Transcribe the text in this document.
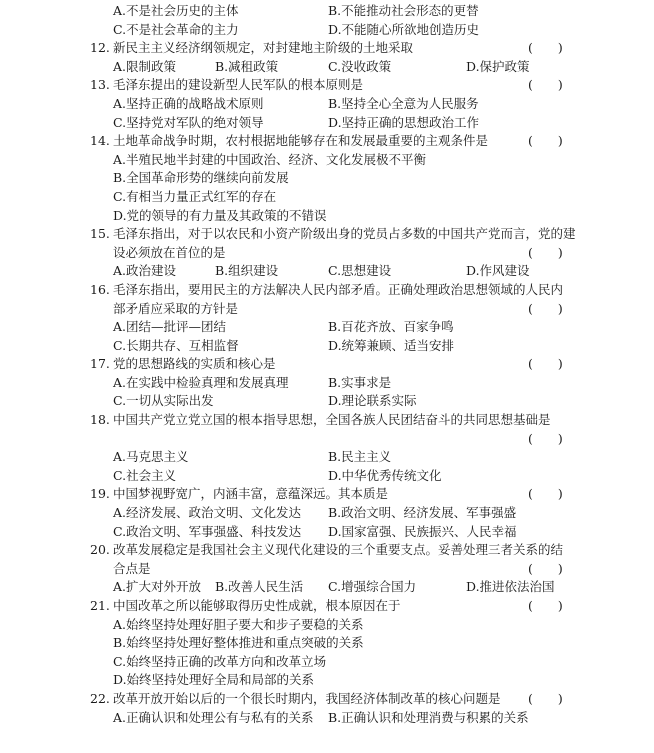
A.不是社会历史的主体	B.不能推动社会形态的更替
C.不是社会革命的主力	D.不能随心所欲地创造历史
12. 新民主主义经济纲领规定，对封建地主阶级的土地采取	(　　)
A.限制政策	B.减租政策	C.没收政策	D.保护政策
13. 毛泽东提出的建设新型人民军队的根本原则是	(　　)
A.坚持正确的战略战术原则	B.坚持全心全意为人民服务
C.坚持党对军队的绝对领导	D.坚持正确的思想政治工作
14. 土地革命战争时期，农村根据地能够存在和发展最重要的主观条件是	(　　)
A.半殖民地半封建的中国政治、经济、文化发展极不平衡
B.全国革命形势的继续向前发展
C.有相当力量正式红军的存在
D.党的领导的有力量及其政策的不错误
15. 毛泽东指出，对于以农民和小资产阶级出身的党员占多数的中国共产党而言，党的建
设必须放在首位的是	(　　)
A.政治建设	B.组织建设	C.思想建设	D.作风建设
16. 毛泽东指出，要用民主的方法解决人民内部矛盾。正确处理政治思想领域的人民内
部矛盾应采取的方针是	(　　)
A.团结—批评—团结	B.百花齐放、百家争鸣
C.长期共存、互相监督	D.统筹兼顾、适当安排
17. 党的思想路线的实质和核心是	(　　)
A.在实践中检验真理和发展真理	B.实事求是
C.一切从实际出发	D.理论联系实际
18. 中国共产党立党立国的根本指导思想，全国各族人民团结奋斗的共同思想基础是
(　　)
A.马克思主义	B.民主主义
C.社会主义	D.中华优秀传统文化
19. 中国梦视野宽广，内涵丰富，意蕴深远。其本质是	(　　)
A.经济发展、政治文明、文化发达 B.政治文明、经济发展、军事强盛
C.政治文明、军事强盛、科技发达 D.国家富强、民族振兴、人民幸福
20. 改革发展稳定是我国社会主义现代化建设的三个重要支点。妥善处理三者关系的结
合点是	(　　)
A.扩大对外开放 B.改善人民生活 C.增强综合国力	D.推进依法治国
21. 中国改革之所以能够取得历史性成就，根本原因在于	(　　)
A.始终坚持处理好胆子要大和步子要稳的关系
B.始终坚持处理好整体推进和重点突破的关系
C.始终坚持正确的改革方向和改革立场
D.始终坚持处理好全局和局部的关系
22. 改革开放开始以后的一个很长时期内，我国经济体制改革的核心问题是 (　　)
A.正确认识和处理公有与私有的关系 B.正确认识和处理消费与积累的关系
